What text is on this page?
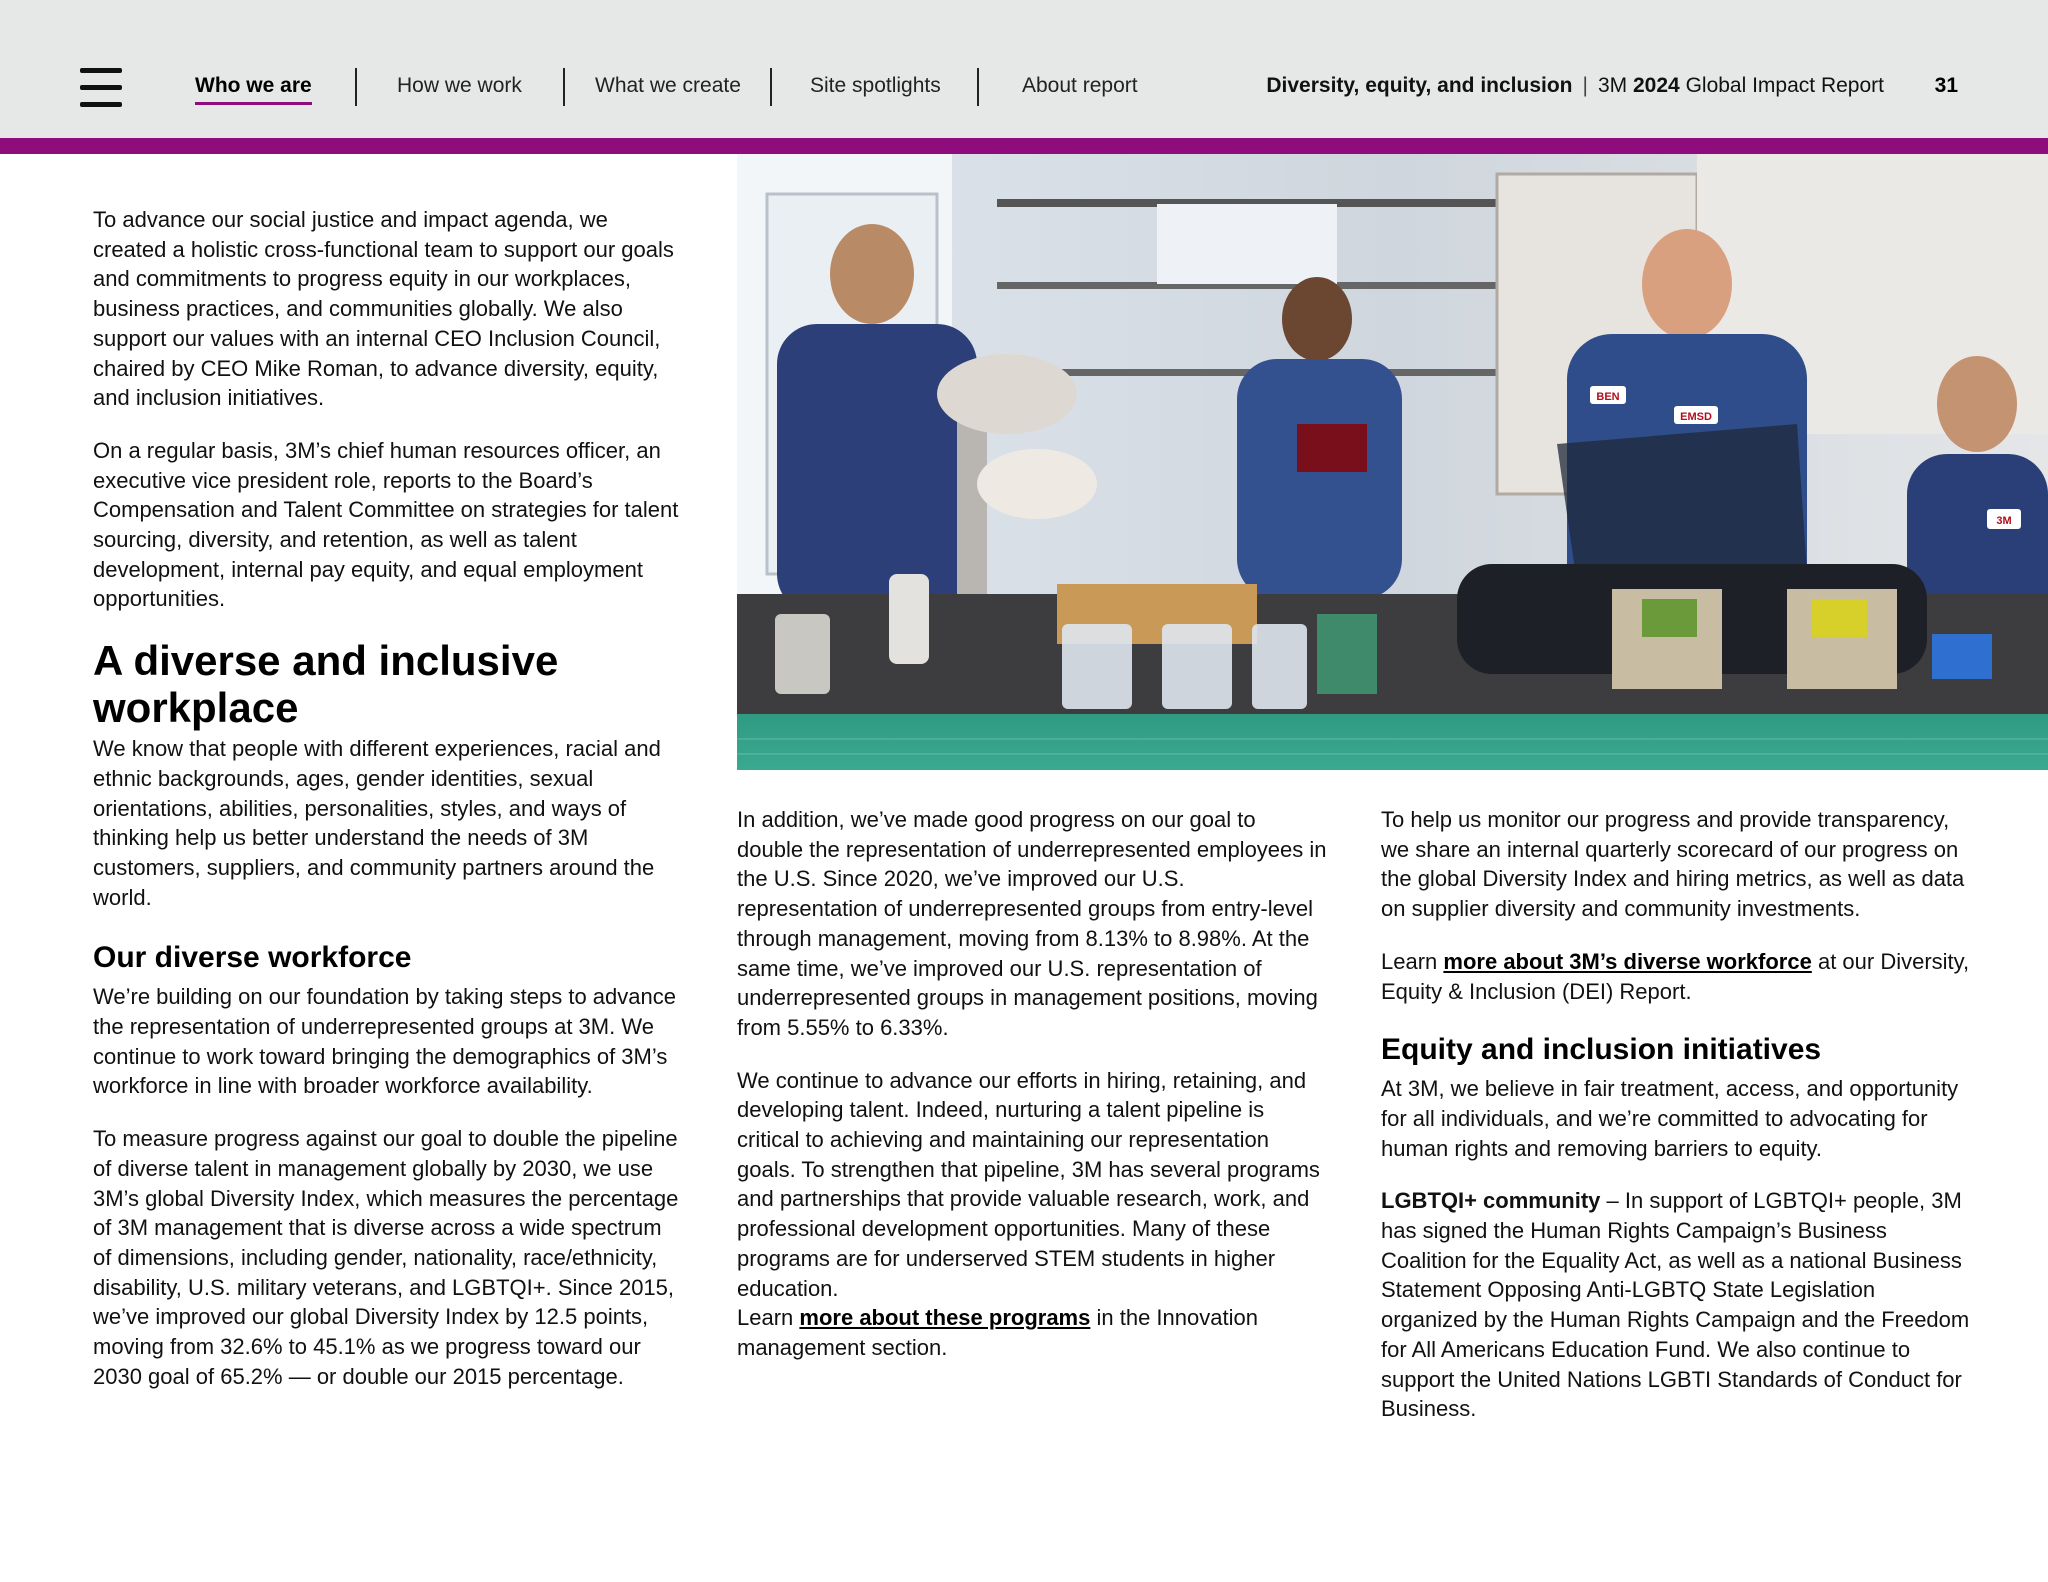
Who we are	How we work	What we create	Site spotlights	About report	Diversity, equity, and inclusion | 3M 2024 Global Impact Report 31
BEN
EMSD
3M

To advance our social justice and impact agenda, we created a holistic cross-functional team to support our goals and commitments to progress equity in our workplaces, business practices, and communities globally. We also support our values with an internal CEO Inclusion Council, chaired by CEO Mike Roman, to advance diversity, equity, and inclusion initiatives.

On a regular basis, 3M’s chief human resources officer, an executive vice president role, reports to the Board’s Compensation and Talent Committee on strategies for talent sourcing, diversity, and retention, as well as talent development, internal pay equity, and equal employment opportunities.

A diverse and inclusive workplace

We know that people with different experiences, racial and ethnic backgrounds, ages, gender identities, sexual orientations, abilities, personalities, styles, and ways of thinking help us better understand the needs of 3M customers, suppliers, and community partners around the world.

Our diverse workforce

We’re building on our foundation by taking steps to advance the representation of underrepresented groups at 3M. We continue to work toward bringing the demographics of 3M’s workforce in line with broader workforce availability.

To measure progress against our goal to double the pipeline of diverse talent in management globally by 2030, we use 3M’s global Diversity Index, which measures the percentage of 3M management that is diverse across a wide spectrum of dimensions, including gender, nationality, race/ethnicity, disability, U.S. military veterans, and LGBTQI+. Since 2015, we’ve improved our global Diversity Index by 12.5 points, moving from 32.6% to 45.1% as we progress toward our 2030 goal of 65.2% — or double our 2015 percentage.

In addition, we’ve made good progress on our goal to double the representation of underrepresented employees in the U.S. Since 2020, we’ve improved our U.S. representation of underrepresented groups from entry-level through management, moving from 8.13% to 8.98%. At the same time, we’ve improved our U.S. representation of underrepresented groups in management positions, moving from 5.55% to 6.33%.

We continue to advance our efforts in hiring, retaining, and developing talent. Indeed, nurturing a talent pipeline is critical to achieving and maintaining our representation goals. To strengthen that pipeline, 3M has several programs and partnerships that provide valuable research, work, and professional development opportunities. Many of these programs are for underserved STEM students in higher education.
Learn more about these programs in the Innovation management section.

To help us monitor our progress and provide transparency, we share an internal quarterly scorecard of our progress on the global Diversity Index and hiring metrics, as well as data on supplier diversity and community investments.

Learn more about 3M’s diverse workforce at our Diversity, Equity & Inclusion (DEI) Report.

Equity and inclusion initiatives

At 3M, we believe in fair treatment, access, and opportunity for all individuals, and we’re committed to advocating for human rights and removing barriers to equity.

LGBTQI+ community – In support of LGBTQI+ people, 3M has signed the Human Rights Campaign’s Business Coalition for the Equality Act, as well as a national Business Statement Opposing Anti-LGBTQ State Legislation organized by the Human Rights Campaign and the Freedom for All Americans Education Fund. We also continue to support the United Nations LGBTI Standards of Conduct for Business.
